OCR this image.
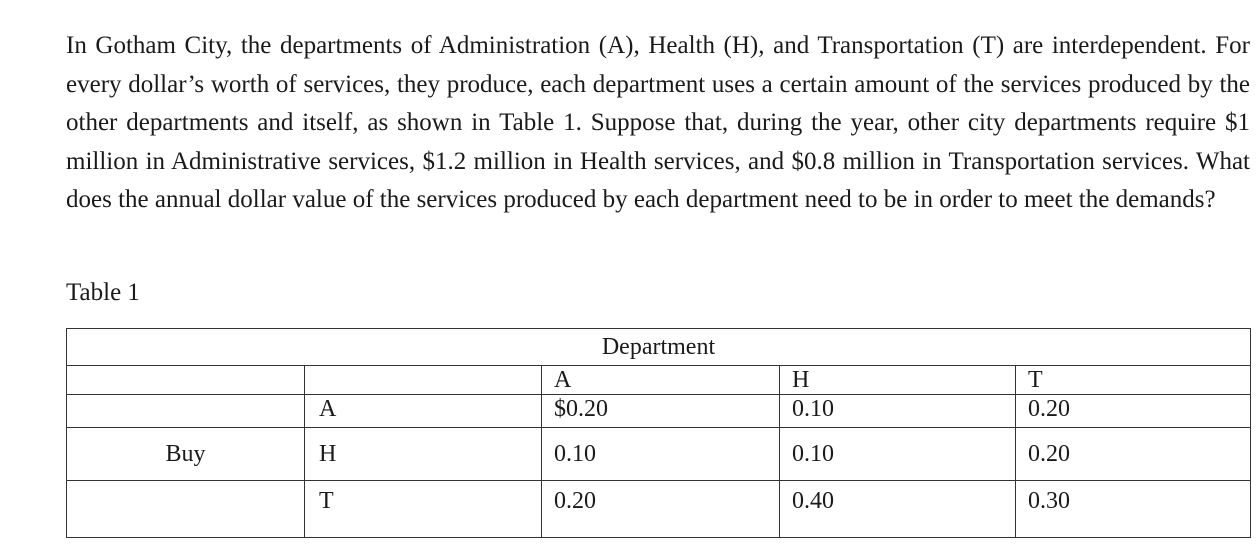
In Gotham City, the departments of Administration (A), Health (H), and Transportation (T) are interdependent. For every dollar’s worth of services, they produce, each department uses a certain amount of the services produced by the other departments and itself, as shown in Table 1. Suppose that, during the year, other city departments require $1 million in Administrative services, $1.2 million in Health services, and $0.8 million in Transportation services. What does the annual dollar value of the services produced by each department need to be in order to meet the demands?

Table 1
Department				
		A	H	T
	A	$0.20	0.10	0.20
Buy	H	0.10	0.10	0.20
	T	0.20	0.40	0.30
